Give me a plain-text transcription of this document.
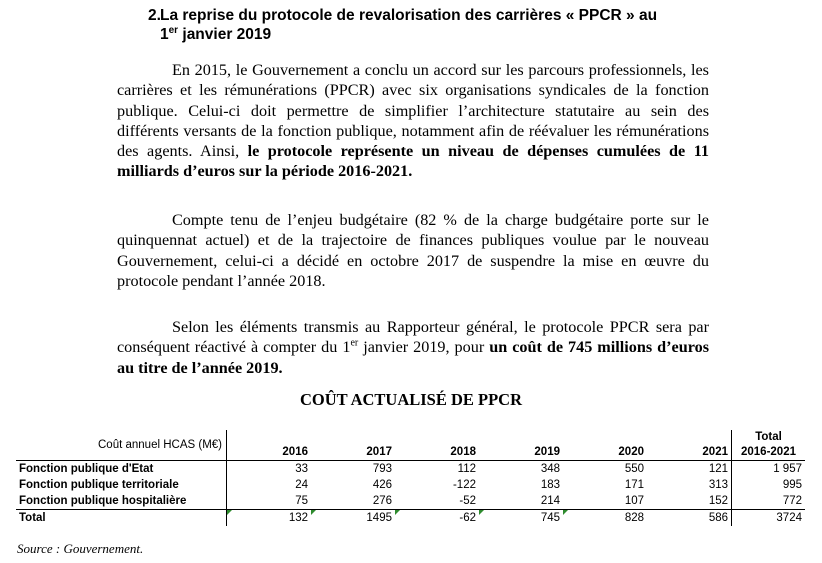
2. La reprise du protocole de revalorisation des carrières « PPCR » au
1er janvier 2019

En 2015, le Gouvernement a conclu un accord sur les parcours professionnels, les carrières et les rémunérations (PPCR) avec six organisations syndicales de la fonction publique. Celui-ci doit permettre de simplifier l’architecture statutaire au sein des différents versants de la fonction publique, notamment afin de réévaluer les rémunérations des agents. Ainsi, le protocole représente un niveau de dépenses cumulées de 11 milliards d’euros sur la période 2016-2021.

Compte tenu de l’enjeu budgétaire (82 % de la charge budgétaire porte sur le quinquennat actuel) et de la trajectoire de finances publiques voulue par le nouveau Gouvernement, celui-ci a décidé en octobre 2017 de suspendre la mise en œuvre du protocole pendant l’année 2018.

Selon les éléments transmis au Rapporteur général, le protocole PPCR sera par conséquent réactivé à compter du 1er janvier 2019, pour un coût de 745 millions d’euros au titre de l’année 2019.

COÛT ACTUALISÉ DE PPCR
Coût annuel HCAS (M€)	2016	2017	2018	2019	2020	2021	Total
2016-2021
Fonction publique d'Etat	33	793	112	348	550	121	1 957
Fonction publique territoriale	24	426	-122	183	171	313	995
Fonction publique hospitalière	75	276	-52	214	107	152	772
Total	132	1495	-62	745	828	586	3724
Source : Gouvernement.
